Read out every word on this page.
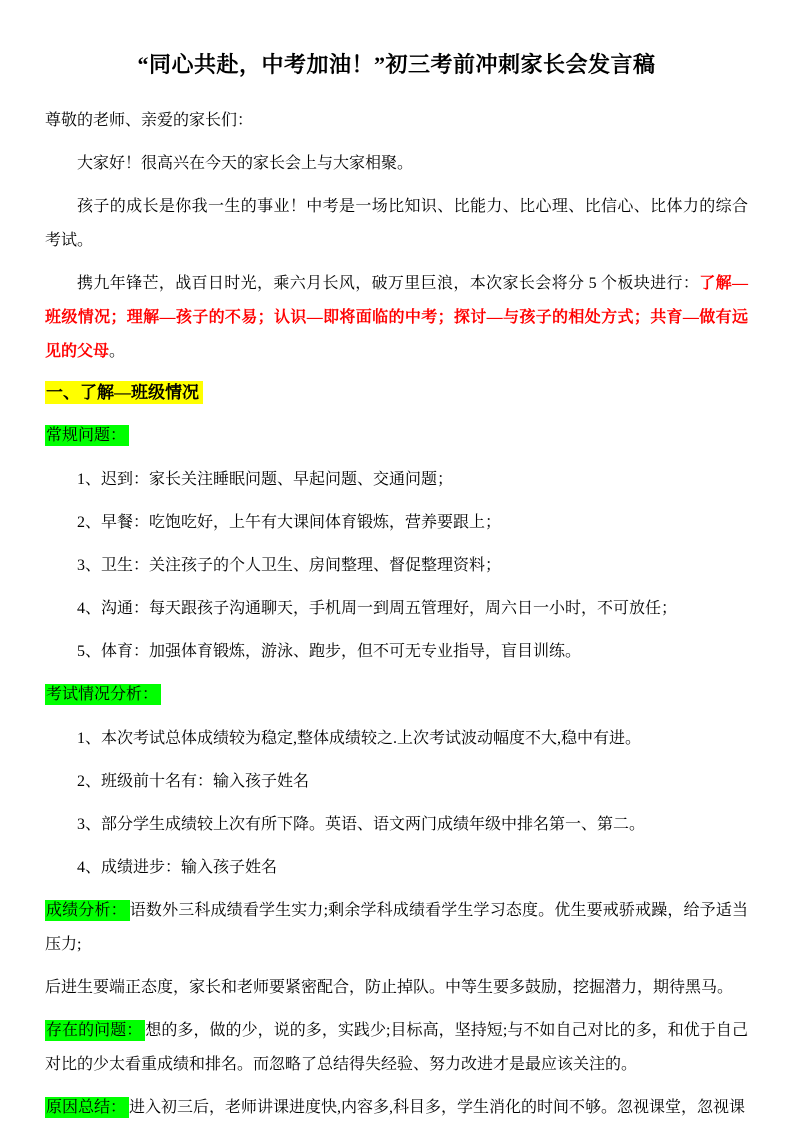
“同心共赴，中考加油！”初三考前冲刺家长会发言稿

尊敬的老师、亲爱的家长们：

大家好！很高兴在今天的家长会上与大家相聚。

孩子的成长是你我一生的事业！中考是一场比知识、比能力、比心理、比信心、比体力的综合考试。

携九年锋芒，战百日时光，乘六月长风，破万里巨浪，本次家长会将分 5 个板块进行：了解—班级情况；理解—孩子的不易；认识—即将面临的中考；探讨—与孩子的相处方式；共育—做有远见的父母。

一、了解—班级情况

常规问题：

1、迟到：家长关注睡眠问题、早起问题、交通问题；

2、早餐：吃饱吃好，上午有大课间体育锻炼，营养要跟上；

3、卫生：关注孩子的个人卫生、房间整理、督促整理资料；

4、沟通：每天跟孩子沟通聊天，手机周一到周五管理好，周六日一小时，不可放任；

5、体育：加强体育锻炼，游泳、跑步，但不可无专业指导，盲目训练。

考试情况分析：

1、本次考试总体成绩较为稳定,整体成绩较之.上次考试波动幅度不大,稳中有进。

2、班级前十名有：输入孩子姓名

3、部分学生成绩较上次有所下降。英语、语文两门成绩年级中排名第一、第二。

4、成绩进步：输入孩子姓名

成绩分析： 语数外三科成绩看学生实力;剩余学科成绩看学生学习态度。优生要戒骄戒躁，给予适当压力;

后进生要端正态度，家长和老师要紧密配合，防止掉队。中等生要多鼓励，挖掘潜力，期待黑马。

存在的问题： 想的多，做的少，说的多，实践少;目标高，坚持短;与不如自己对比的多，和优于自己对比的少太看重成绩和排名。而忽略了总结得失经验、努力改进才是最应该关注的。

原因总结： 进入初三后，老师讲课进度快,内容多,科目多，学生消化的时间不够。忽视课堂，忽视课
